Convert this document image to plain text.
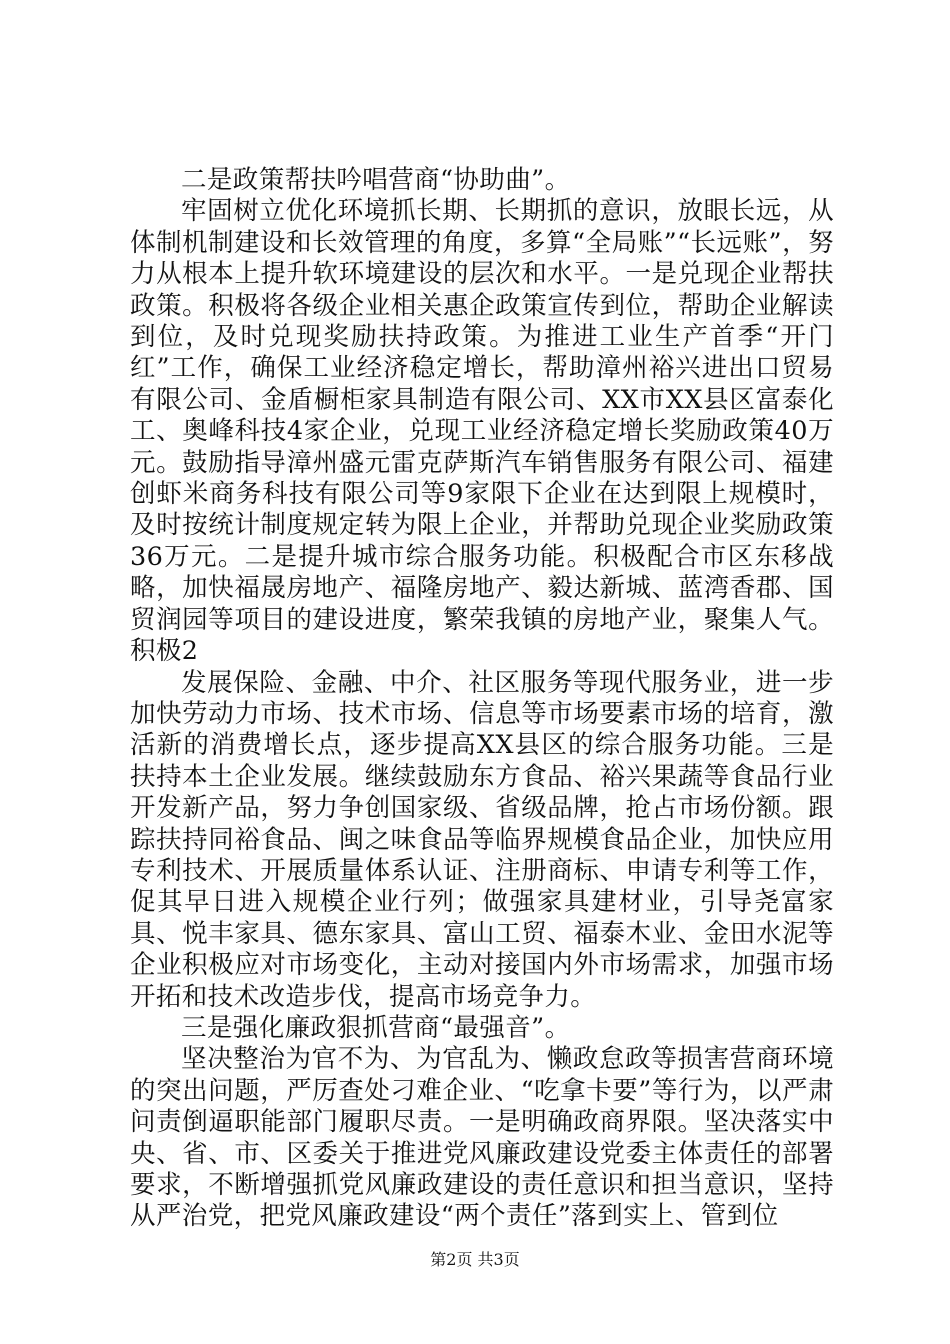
二是政策帮扶吟唱营商“协助曲”。

牢固树立优化环境抓长期、长期抓的意识，放眼长远，从体制机制建设和长效管理的角度，多算“全局账”“长远账”，努力从根本上提升软环境建设的层次和水平。一是兑现企业帮扶政策。积极将各级企业相关惠企政策宣传到位，帮助企业解读到位，及时兑现奖励扶持政策。为推进工业生产首季“开门红”工作，确保工业经济稳定增长，帮助漳州裕兴进出口贸易有限公司、金盾橱柜家具制造有限公司、XX市XX县区富泰化工、奥峰科技4家企业，兑现工业经济稳定增长奖励政策40万元。鼓励指导漳州盛元雷克萨斯汽车销售服务有限公司、福建创虾米商务科技有限公司等9家限下企业在达到限上规模时，及时按统计制度规定转为限上企业，并帮助兑现企业奖励政策36万元。二是提升城市综合服务功能。积极配合市区东移战略，加快福晟房地产、福隆房地产、毅达新城、蓝湾香郡、国贸润园等项目的建设进度，繁荣我镇的房地产业，聚集人气。积极2

发展保险、金融、中介、社区服务等现代服务业，进一步加快劳动力市场、技术市场、信息等市场要素市场的培育，激活新的消费增长点，逐步提高XX县区的综合服务功能。三是扶持本土企业发展。继续鼓励东方食品、裕兴果蔬等食品行业开发新产品，努力争创国家级、省级品牌，抢占市场份额。跟踪扶持同裕食品、闽之味食品等临界规模食品企业，加快应用专利技术、开展质量体系认证、注册商标、申请专利等工作，促其早日进入规模企业行列；做强家具建材业，引导尧富家具、悦丰家具、德东家具、富山工贸、福泰木业、金田水泥等企业积极应对市场变化，主动对接国内外市场需求，加强市场开拓和技术改造步伐，提高市场竞争力。

三是强化廉政狠抓营商“最强音”。

坚决整治为官不为、为官乱为、懒政怠政等损害营商环境的突出问题，严厉查处刁难企业、“吃拿卡要”等行为，以严肃问责倒逼职能部门履职尽责。一是明确政商界限。坚决落实中央、省、市、区委关于推进党风廉政建设党委主体责任的部署要求，不断增强抓党风廉政建设的责任意识和担当意识，坚持从严治党，把党风廉政建设“两个责任”落到实上、管到位

第2页 共3页
